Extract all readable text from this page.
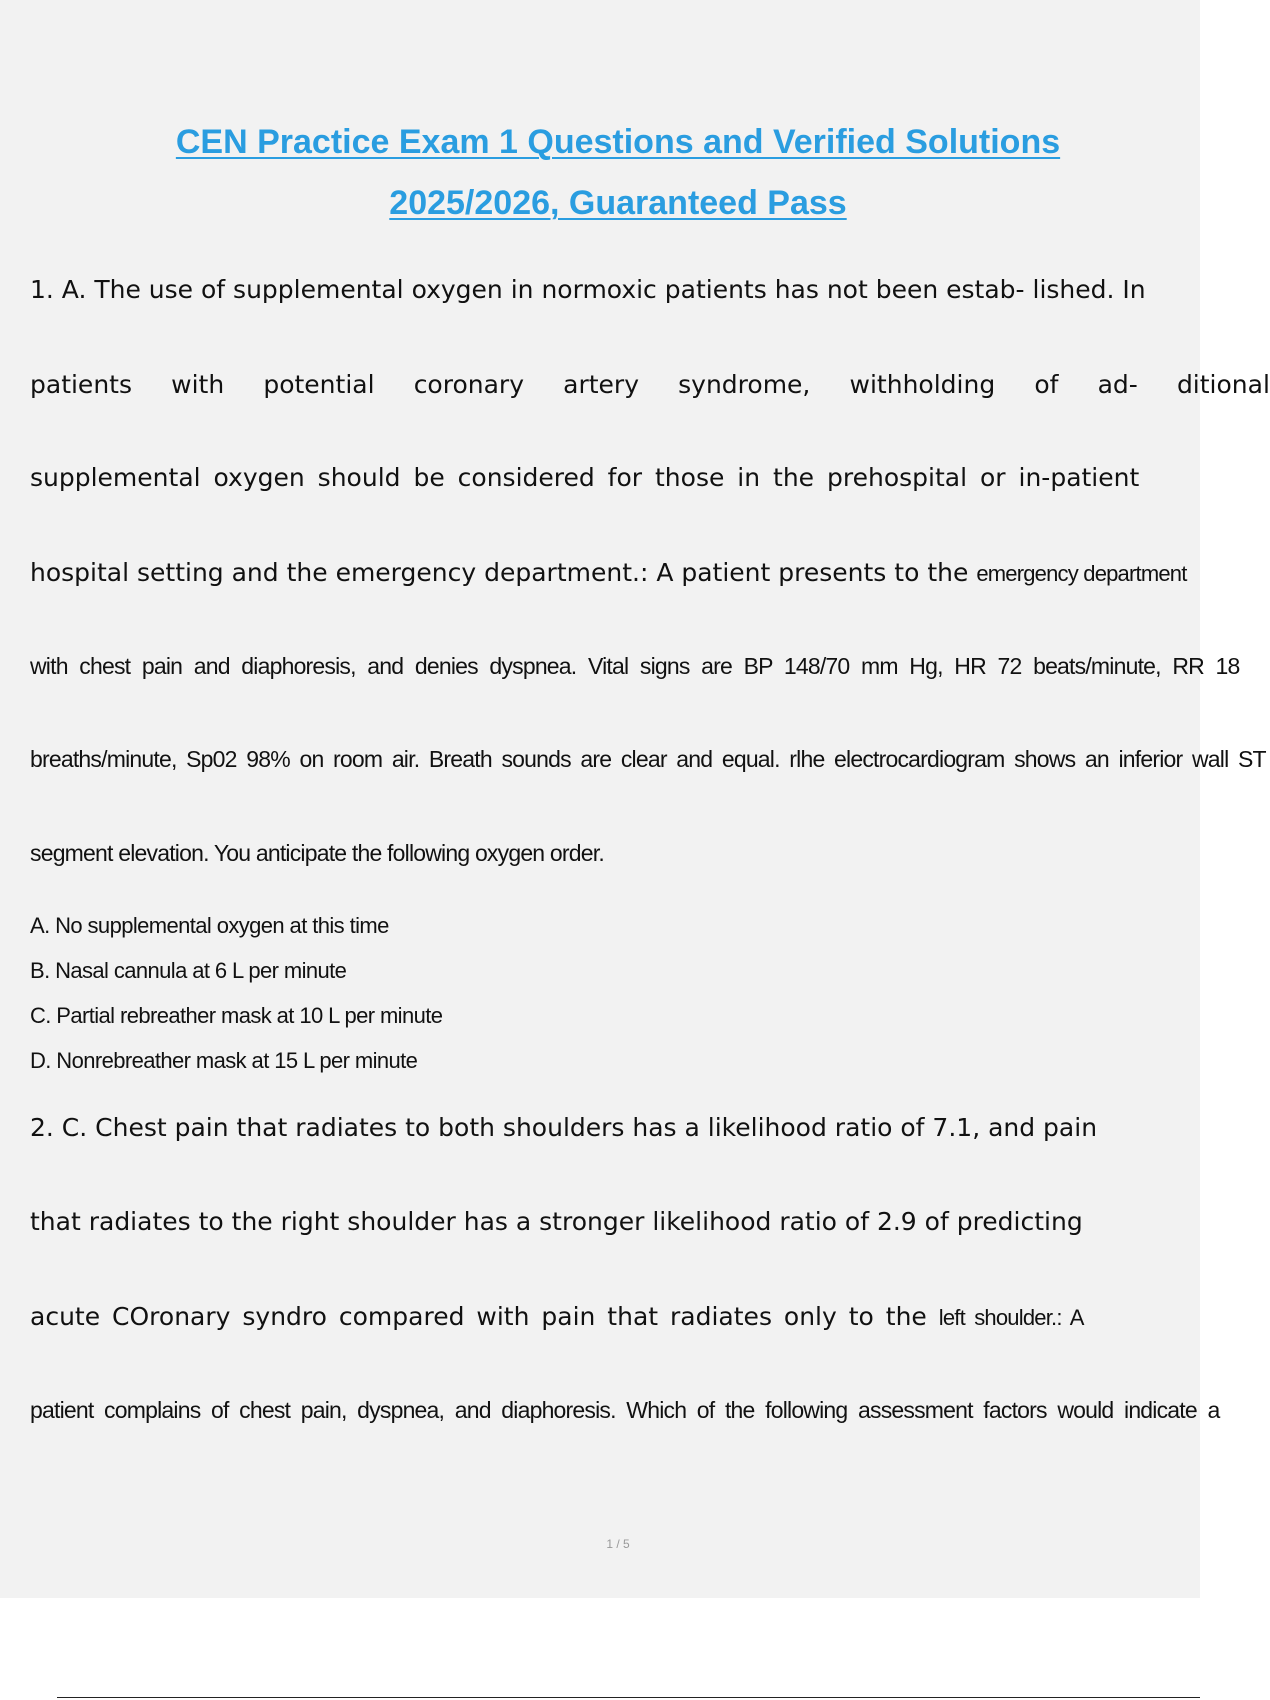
CEN Practice Exam 1 Questions and Verified Solutions
2025/2026, Guaranteed Pass
1. A. The use of supplemental oxygen in normoxic patients has not been estab- lished. In
patients with potential coronary artery syndrome, withholding of ad- ditional
supplemental oxygen should be considered for those in the prehospital or in-patient
hospital setting and the emergency department.: A patient presents to the emergency department
with chest pain and diaphoresis, and denies dyspnea. Vital signs are BP 148/70 mm Hg, HR 72 beats/minute, RR 18
breaths/minute, Sp02 98% on room air. Breath sounds are clear and equal. rlhe electrocardiogram shows an inferior wall ST
segment elevation. You anticipate the following oxygen order.
A. No supplemental oxygen at this time
B. Nasal cannula at 6 L per minute
C. Partial rebreather mask at 10 L per minute
D. Nonrebreather mask at 15 L per minute
2. C. Chest pain that radiates to both shoulders has a likelihood ratio of 7.1, and pain
that radiates to the right shoulder has a stronger likelihood ratio of 2.9 of predicting
acute COronary syndro compared with pain that radiates only to the left shoulder.: A
patient complains of chest pain, dyspnea, and diaphoresis. Which of the following assessment factors would indicate a
1 / 5
